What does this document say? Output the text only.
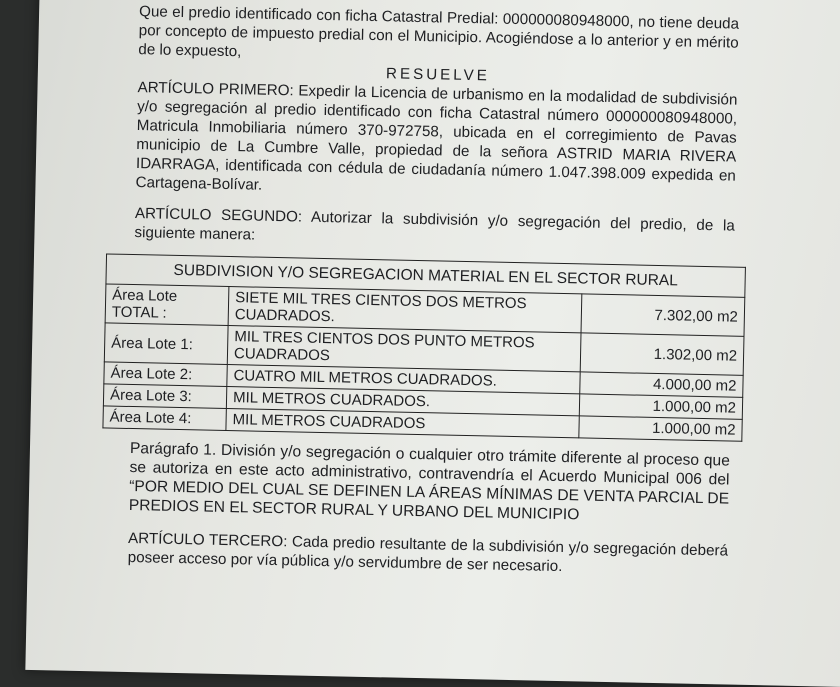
Que el predio identificado con ficha Catastral Predial: 000000080948000, no tiene deuda por concepto de impuesto predial con el Municipio. Acogiéndose a lo anterior y en mérito de lo expuesto,

RESUELVE

ARTÍCULO PRIMERO: Expedir la Licencia de urbanismo en la modalidad de subdivisión y/o segregación al predio identificado con ficha Catastral número 000000080948000, Matricula Inmobiliaria número 370-972758, ubicada en el corregimiento de Pavas municipio de La Cumbre Valle, propiedad de la señora ASTRID MARIA RIVERA IDARRAGA, identificada con cédula de ciudadanía número 1.047.398.009 expedida en Cartagena-Bolívar.

ARTÍCULO SEGUNDO: Autorizar la subdivisión y/o segregación del predio, de la siguiente manera:

SUBDIVISION Y/O SEGREGACION MATERIAL EN EL SECTOR RURAL		
Área Lote TOTAL :	SIETE MIL TRES CIENTOS DOS METROS CUADRADOS.	7.302,00 m2
Área Lote 1:	MIL TRES CIENTOS DOS PUNTO METROS CUADRADOS	1.302,00 m2
Área Lote 2:	CUATRO MIL METROS CUADRADOS.	4.000,00 m2
Área Lote 3:	MIL METROS CUADRADOS.	1.000,00 m2
Área Lote 4:	MIL METROS CUADRADOS	1.000,00 m2

Parágrafo 1. División y/o segregación o cualquier otro trámite diferente al proceso que se autoriza en este acto administrativo, contravendría el Acuerdo Municipal 006 del “POR MEDIO DEL CUAL SE DEFINEN LA ÁREAS MÍNIMAS DE VENTA PARCIAL DE PREDIOS EN EL SECTOR RURAL Y URBANO DEL MUNICIPIO

ARTÍCULO TERCERO: Cada predio resultante de la subdivisión y/o segregación deberá poseer acceso por vía pública y/o servidumbre de ser necesario.
